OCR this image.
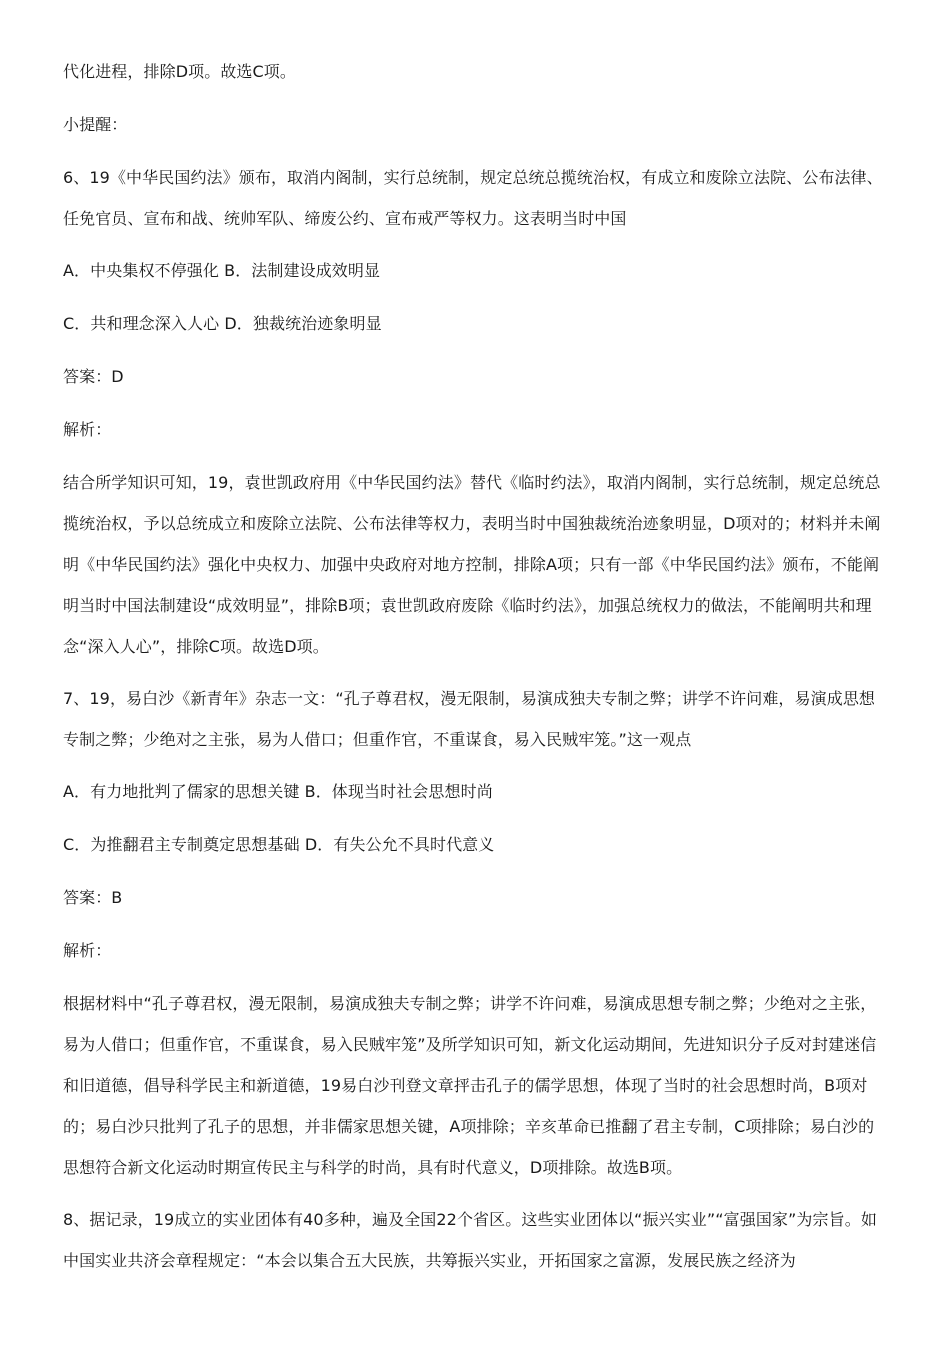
代化进程，排除D项。故选C项。

小提醒：

6、19《中华民国约法》颁布，取消内阁制，实行总统制，规定总统总揽统治权，有成立和废除立法院、公布法律、任免官员、宣布和战、统帅军队、缔废公约、宣布戒严等权力。这表明当时中国

A．中央集权不停强化 B．法制建设成效明显

C．共和理念深入人心 D．独裁统治迹象明显

答案：D

解析：

结合所学知识可知，19，袁世凯政府用《中华民国约法》替代《临时约法》，取消内阁制，实行总统制，规定总统总揽统治权，予以总统成立和废除立法院、公布法律等权力，表明当时中国独裁统治迹象明显，D项对的；材料并未阐明《中华民国约法》强化中央权力、加强中央政府对地方控制，排除A项；只有一部《中华民国约法》颁布，不能阐明当时中国法制建设“成效明显”，排除B项；袁世凯政府废除《临时约法》，加强总统权力的做法，不能阐明共和理念“深入人心”，排除C项。故选D项。

7、19，易白沙《新青年》杂志一文：“孔子尊君权，漫无限制，易演成独夫专制之弊；讲学不许问难，易演成思想专制之弊；少绝对之主张，易为人借口；但重作官，不重谋食，易入民贼牢笼。”这一观点

A．有力地批判了儒家的思想关键 B．体现当时社会思想时尚

C．为推翻君主专制奠定思想基础 D．有失公允不具时代意义

答案：B

解析：

根据材料中“孔子尊君权，漫无限制，易演成独夫专制之弊；讲学不许问难，易演成思想专制之弊；少绝对之主张，易为人借口；但重作官，不重谋食，易入民贼牢笼”及所学知识可知，新文化运动期间，先进知识分子反对封建迷信和旧道德，倡导科学民主和新道德，19易白沙刊登文章抨击孔子的儒学思想，体现了当时的社会思想时尚，B项对的；易白沙只批判了孔子的思想，并非儒家思想关键，A项排除；辛亥革命已推翻了君主专制，C项排除；易白沙的思想符合新文化运动时期宣传民主与科学的时尚，具有时代意义，D项排除。故选B项。

8、据记录，19成立的实业团体有40多种，遍及全国22个省区。这些实业团体以“振兴实业”“富强国家”为宗旨。如中国实业共济会章程规定：“本会以集合五大民族，共筹振兴实业，开拓国家之富源，发展民族之经济为
